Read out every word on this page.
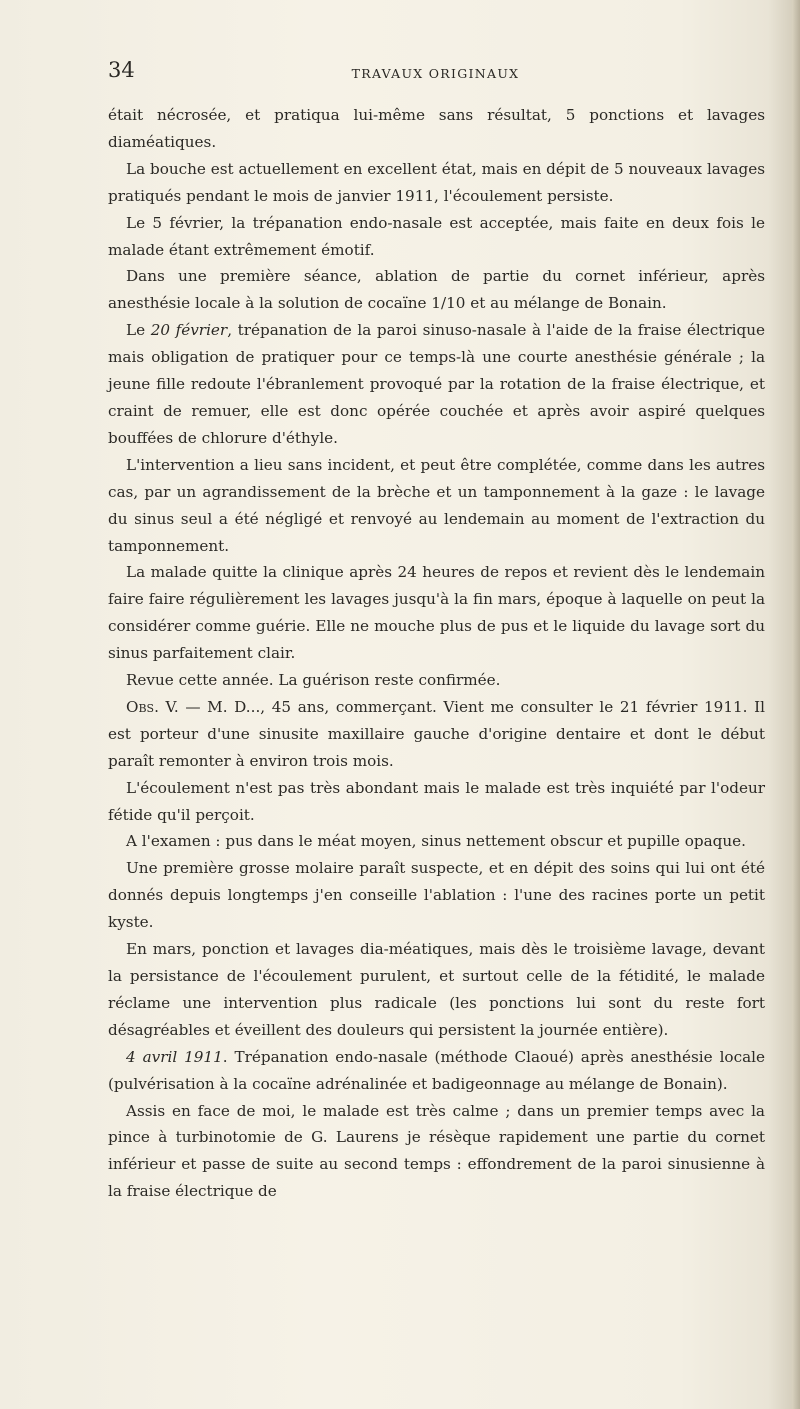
34	TRAVAUX ORIGINAUX

était nécrosée, et pratiqua lui-même sans résultat, 5 ponctions et lavages diaméatiques.

La bouche est actuellement en excellent état, mais en dépit de 5 nouveaux lavages pratiqués pendant le mois de janvier 1911, l'écoulement persiste.

Le 5 février, la trépanation endo-nasale est acceptée, mais faite en deux fois le malade étant extrêmement émotif.

Dans une première séance, ablation de partie du cornet inférieur, après anesthésie locale à la solution de cocaïne 1/10 et au mélange de Bonain.

Le 20 février, trépanation de la paroi sinuso-nasale à l'aide de la fraise électrique mais obligation de pratiquer pour ce temps-là une courte anesthésie générale ; la jeune fille redoute l'ébranlement provoqué par la rotation de la fraise électrique, et craint de remuer, elle est donc opérée couchée et après avoir aspiré quelques bouffées de chlorure d'éthyle.

L'intervention a lieu sans incident, et peut être complétée, comme dans les autres cas, par un agrandissement de la brèche et un tamponnement à la gaze : le lavage du sinus seul a été négligé et renvoyé au lendemain au moment de l'extraction du tamponnement.

La malade quitte la clinique après 24 heures de repos et revient dès le lendemain faire faire régulièrement les lavages jusqu'à la fin mars, époque à laquelle on peut la considérer comme guérie. Elle ne mouche plus de pus et le liquide du lavage sort du sinus parfaitement clair.

Revue cette année. La guérison reste confirmée.

Obs. V. — M. D..., 45 ans, commerçant. Vient me consulter le 21 février 1911. Il est porteur d'une sinusite maxillaire gauche d'origine dentaire et dont le début paraît remonter à environ trois mois.

L'écoulement n'est pas très abondant mais le malade est très inquiété par l'odeur fétide qu'il perçoit.

A l'examen : pus dans le méat moyen, sinus nettement obscur et pupille opaque.

Une première grosse molaire paraît suspecte, et en dépit des soins qui lui ont été donnés depuis longtemps j'en conseille l'ablation : l'une des racines porte un petit kyste.

En mars, ponction et lavages dia-méatiques, mais dès le troisième lavage, devant la persistance de l'écoulement purulent, et surtout celle de la fétidité, le malade réclame une intervention plus radicale (les ponctions lui sont du reste fort désagréables et éveillent des douleurs qui persistent la journée entière).

4 avril 1911. Trépanation endo-nasale (méthode Claoué) après anesthésie locale (pulvérisation à la cocaïne adrénalinée et badigeonnage au mélange de Bonain).

Assis en face de moi, le malade est très calme ; dans un premier temps avec la pince à turbinotomie de G. Laurens je résèque rapidement une partie du cornet inférieur et passe de suite au second temps : effondrement de la paroi sinusienne à la fraise électrique de
